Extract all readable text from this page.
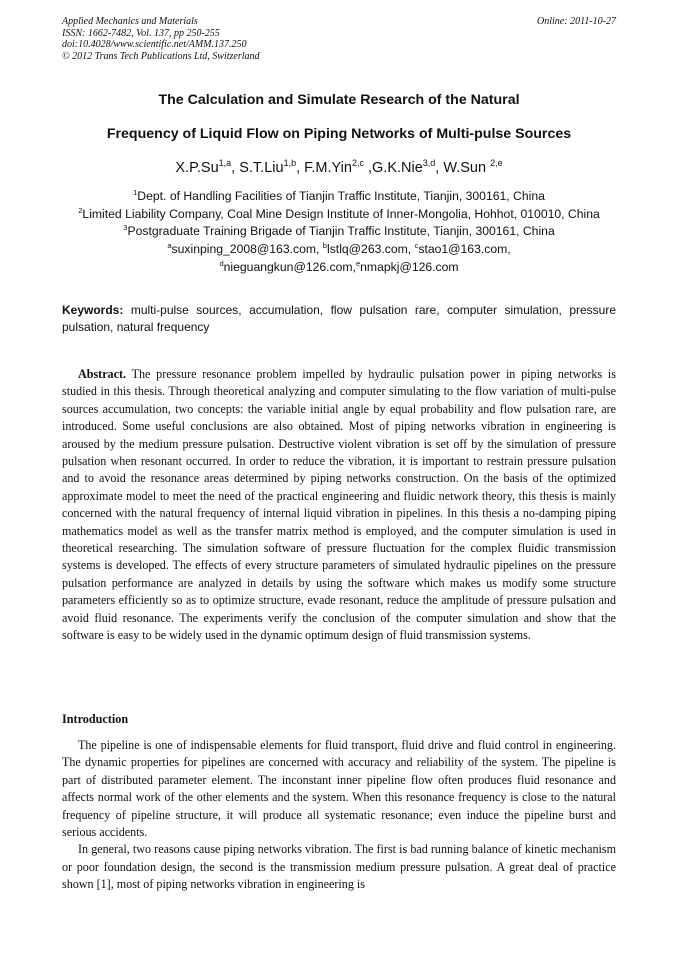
Applied Mechanics and Materials
ISSN: 1662-7482, Vol. 137, pp 250-255
doi:10.4028/www.scientific.net/AMM.137.250
© 2012 Trans Tech Publications Ltd, Switzerland
Online: 2011-10-27
The Calculation and Simulate Research of the Natural
Frequency of Liquid Flow on Piping Networks of Multi-pulse Sources
X.P.Su$^{1,a}$, S.T.Liu$^{1,b}$, F.M.Yin$^{2,c}$ ,G.K.Nie$^{3,d}$, W.Sun $^{2,e}$
$^1$Dept. of Handling Facilities of Tianjin Traffic Institute, Tianjin, 300161, China
$^2$Limited Liability Company, Coal Mine Design Institute of Inner-Mongolia, Hohhot, 010010, China
$^3$Postgraduate Training Brigade of Tianjin Traffic Institute, Tianjin, 300161, China
$^a$suxinping_2008@163.com, $^b$lstlq@263.com, $^c$stao1@163.com,
$^d$nieguangkun@126.com,$^e$nmapkj@126.com
Keywords: multi-pulse sources, accumulation, flow pulsation rare, computer simulation, pressure pulsation, natural frequency

Abstract. The pressure resonance problem impelled by hydraulic pulsation power in piping networks is studied in this thesis. Through theoretical analyzing and computer simulating to the flow variation of multi-pulse sources accumulation, two concepts: the variable initial angle by equal probability and flow pulsation rare, are introduced. Some useful conclusions are also obtained. Most of piping networks vibration in engineering is aroused by the medium pressure pulsation. Destructive violent vibration is set off by the simulation of pressure pulsation when resonant occurred. In order to reduce the vibration, it is important to restrain pressure pulsation and to avoid the resonance areas determined by piping networks construction. On the basis of the optimized approximate model to meet the need of the practical engineering and fluidic network theory, this thesis is mainly concerned with the natural frequency of internal liquid vibration in pipelines. In this thesis a no-damping piping mathematics model as well as the transfer matrix method is employed, and the computer simulation is used in theoretical researching. The simulation software of pressure fluctuation for the complex fluidic transmission systems is developed. The effects of every structure parameters of simulated hydraulic pipelines on the pressure pulsation performance are analyzed in details by using the software which makes us modify some structure parameters efficiently so as to optimize structure, evade resonant, reduce the amplitude of pressure pulsation and avoid fluid resonance. The experiments verify the conclusion of the computer simulation and show that the software is easy to be widely used in the dynamic optimum design of fluid transmission systems.

Introduction

The pipeline is one of indispensable elements for fluid transport, fluid drive and fluid control in engineering. The dynamic properties for pipelines are concerned with accuracy and reliability of the system. The pipeline is part of distributed parameter element. The inconstant inner pipeline flow often produces fluid resonance and affects normal work of the other elements and the system. When this resonance frequency is close to the natural frequency of pipeline structure, it will produce all systematic resonance; even induce the pipeline burst and serious accidents.

In general, two reasons cause piping networks vibration. The first is bad running balance of kinetic mechanism or poor foundation design, the second is the transmission medium pressure pulsation. A great deal of practice shown [1], most of piping networks vibration in engineering is
